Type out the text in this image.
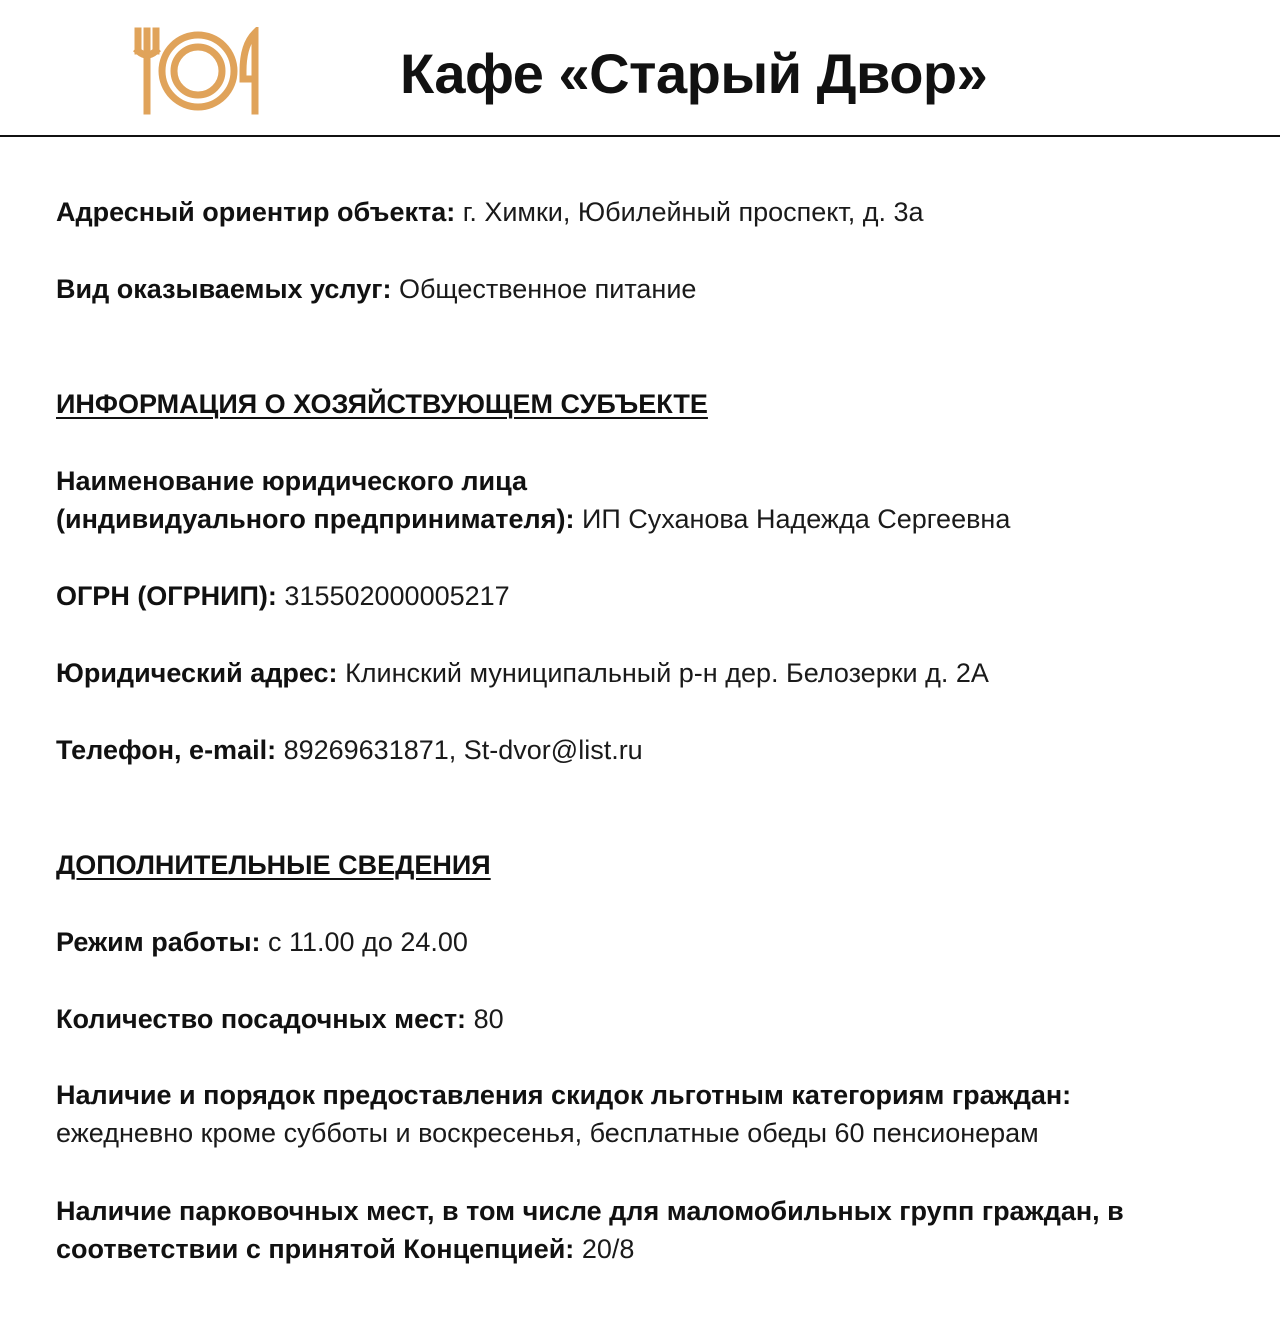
Кафе «Старый Двор»
Адресный ориентир объекта: г. Химки, Юбилейный проспект, д. 3а
Вид оказываемых услуг: Общественное питание
ИНФОРМАЦИЯ О ХОЗЯЙСТВУЮЩЕМ СУБЪЕКТЕ
Наименование юридического лица
(индивидуального предпринимателя): ИП Суханова Надежда Сергеевна
ОГРН (ОГРНИП): 315502000005217
Юридический адрес: Клинский муниципальный р-н дер. Белозерки д. 2А
Телефон, e-mail: 89269631871, St-dvor@list.ru
ДОПОЛНИТЕЛЬНЫЕ СВЕДЕНИЯ
Режим работы: с 11.00 до 24.00
Количество посадочных мест: 80
Наличие и порядок предоставления скидок льготным категориям граждан:
ежедневно кроме субботы и воскресенья, бесплатные обеды 60 пенсионерам
Наличие парковочных мест, в том числе для маломобильных групп граждан, в
соответствии с принятой Концепцией: 20/8
